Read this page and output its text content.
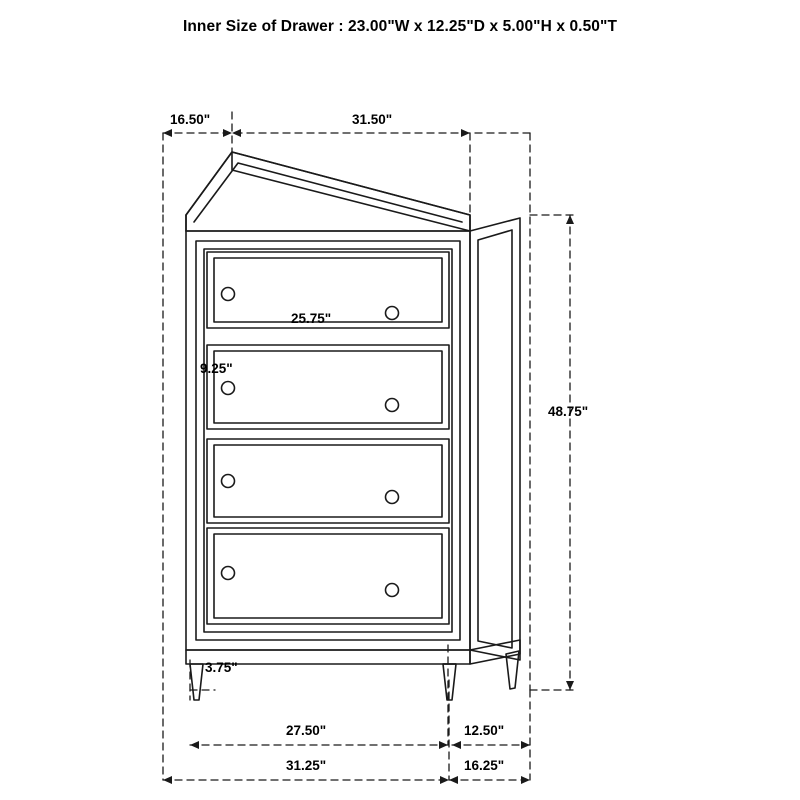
Inner Size of Drawer : 23.00"W x 12.25"D x 5.00"H x 0.50"T
16.50"	31.50"
25.75"
9.25"
48.75"
3.75"
27.50"	12.50"
31.25"	16.25"
